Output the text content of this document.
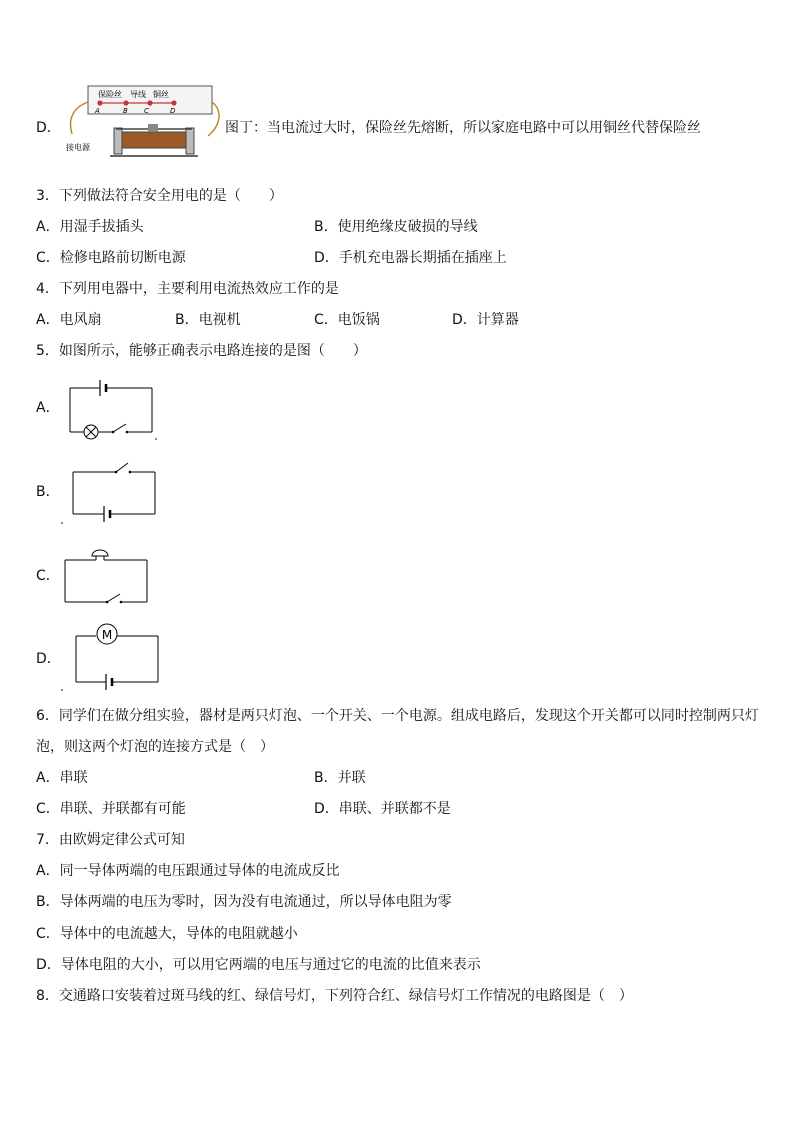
D．
保险丝 导线 铜丝
A	B C	D
接电源
图丁：当电流过大时，保险丝先熔断，所以家庭电路中可以用铜丝代替保险丝
3．下列做法符合安全用电的是（　　）
A．用湿手拔插头	B．使用绝缘皮破损的导线
C．检修电路前切断电源	D．手机充电器长期插在插座上
4．下列用电器中，主要利用电流热效应工作的是
A．电风扇	B．电视机	C．电饭锅	D．计算器
5．如图所示，能够正确表示电路连接的是图（　　）
A．
B．
C．
D．
M
6．同学们在做分组实验，器材是两只灯泡、一个开关、一个电源。组成电路后，发现这个开关都可以同时控制两只灯
泡，则这两个灯泡的连接方式是（　）
A．串联	B．并联
C．串联、并联都有可能	D．串联、并联都不是
7．由欧姆定律公式可知
A．同一导体两端的电压跟通过导体的电流成反比
B．导体两端的电压为零时，因为没有电流通过，所以导体电阻为零
C．导体中的电流越大，导体的电阻就越小
D．导体电阻的大小，可以用它两端的电压与通过它的电流的比值来表示
8．交通路口安装着过斑马线的红、绿信号灯，下列符合红、绿信号灯工作情况的电路图是（　）
